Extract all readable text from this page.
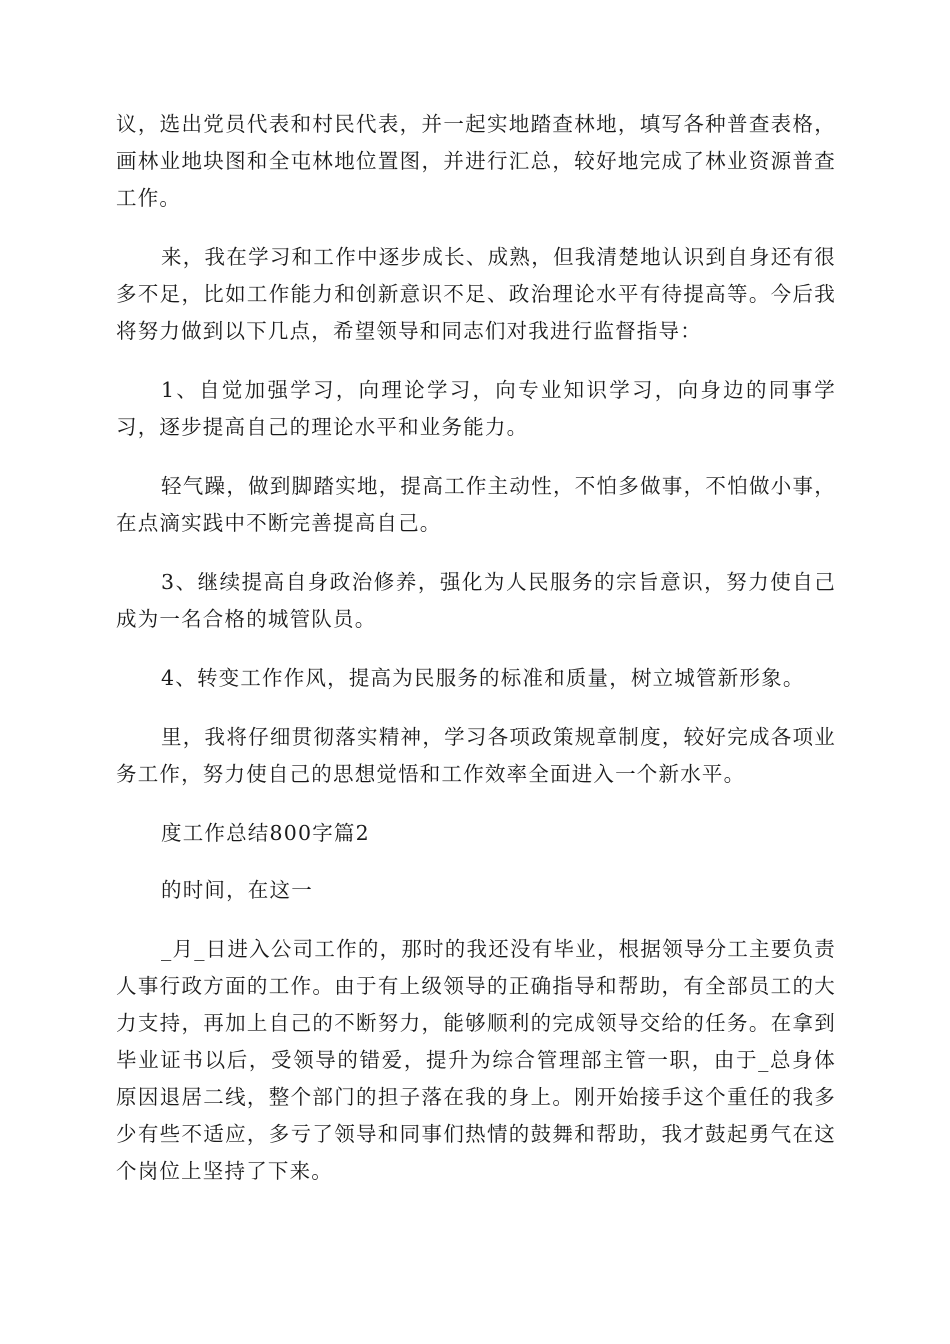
议，选出党员代表和村民代表，并一起实地踏查林地，填写各种普查表格，画林业地块图和全屯林地位置图，并进行汇总，较好地完成了林业资源普查工作。

来，我在学习和工作中逐步成长、成熟，但我清楚地认识到自身还有很多不足，比如工作能力和创新意识不足、政治理论水平有待提高等。今后我将努力做到以下几点，希望领导和同志们对我进行监督指导：

1、自觉加强学习，向理论学习，向专业知识学习，向身边的同事学习，逐步提高自己的理论水平和业务能力。

轻气躁，做到脚踏实地，提高工作主动性，不怕多做事，不怕做小事，在点滴实践中不断完善提高自己。

3、继续提高自身政治修养，强化为人民服务的宗旨意识，努力使自己成为一名合格的城管队员。

4、转变工作作风，提高为民服务的标准和质量，树立城管新形象。

里，我将仔细贯彻落实精神，学习各项政策规章制度，较好完成各项业务工作，努力使自己的思想觉悟和工作效率全面进入一个新水平。

度工作总结800字篇2

的时间，在这一

_月_日进入公司工作的，那时的我还没有毕业，根据领导分工主要负责人事行政方面的工作。由于有上级领导的正确指导和帮助，有全部员工的大力支持，再加上自己的不断努力，能够顺利的完成领导交给的任务。在拿到毕业证书以后，受领导的错爱，提升为综合管理部主管一职，由于_总身体原因退居二线，整个部门的担子落在我的身上。刚开始接手这个重任的我多少有些不适应，多亏了领导和同事们热情的鼓舞和帮助，我才鼓起勇气在这个岗位上坚持了下来。
